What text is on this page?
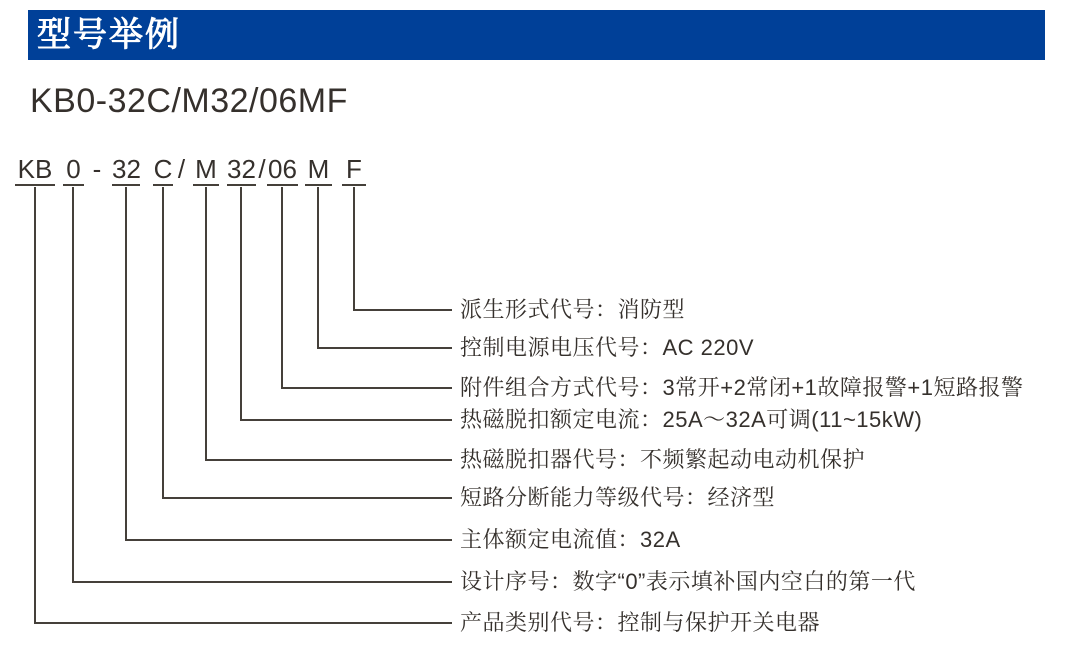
型号举例
KB0-32C/M32/06MF
KB 0 - 32 C / M 32 / 06 M F
派生形式代号：消防型
控制电源电压代号：AC 220V
附件组合方式代号：3常开+2常闭+1故障报警+1短路报警
热磁脱扣额定电流：25A～32A可调(11~15kW)
热磁脱扣器代号：不频繁起动电动机保护
短路分断能力等级代号：经济型
主体额定电流值：32A
设计序号：数字“0”表示填补国内空白的第一代
产品类别代号：控制与保护开关电器
